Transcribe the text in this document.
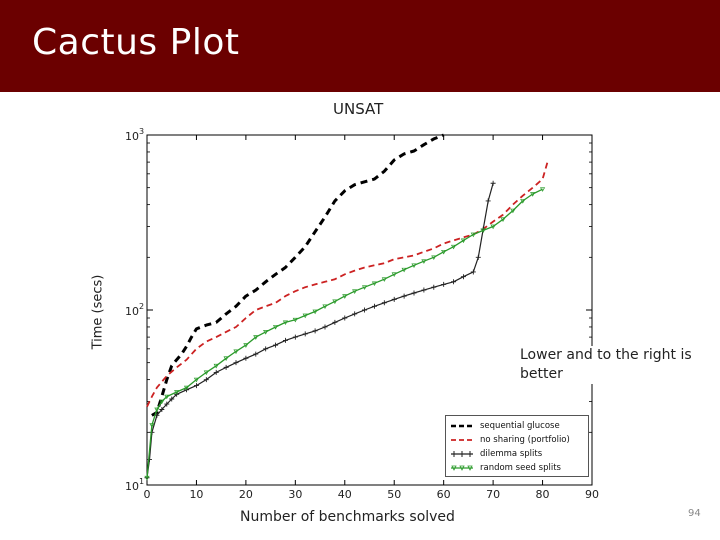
Cactus Plot
0	10	20	30	40	50	60	70	80	90
$10^1$
$10^2$
$10^3$
UNSAT
Time (secs)
Number of benchmarks solved
sequential glucose
no sharing (portfolio)
dilemma splits
random seed splits
Lower and to the right is better
94
